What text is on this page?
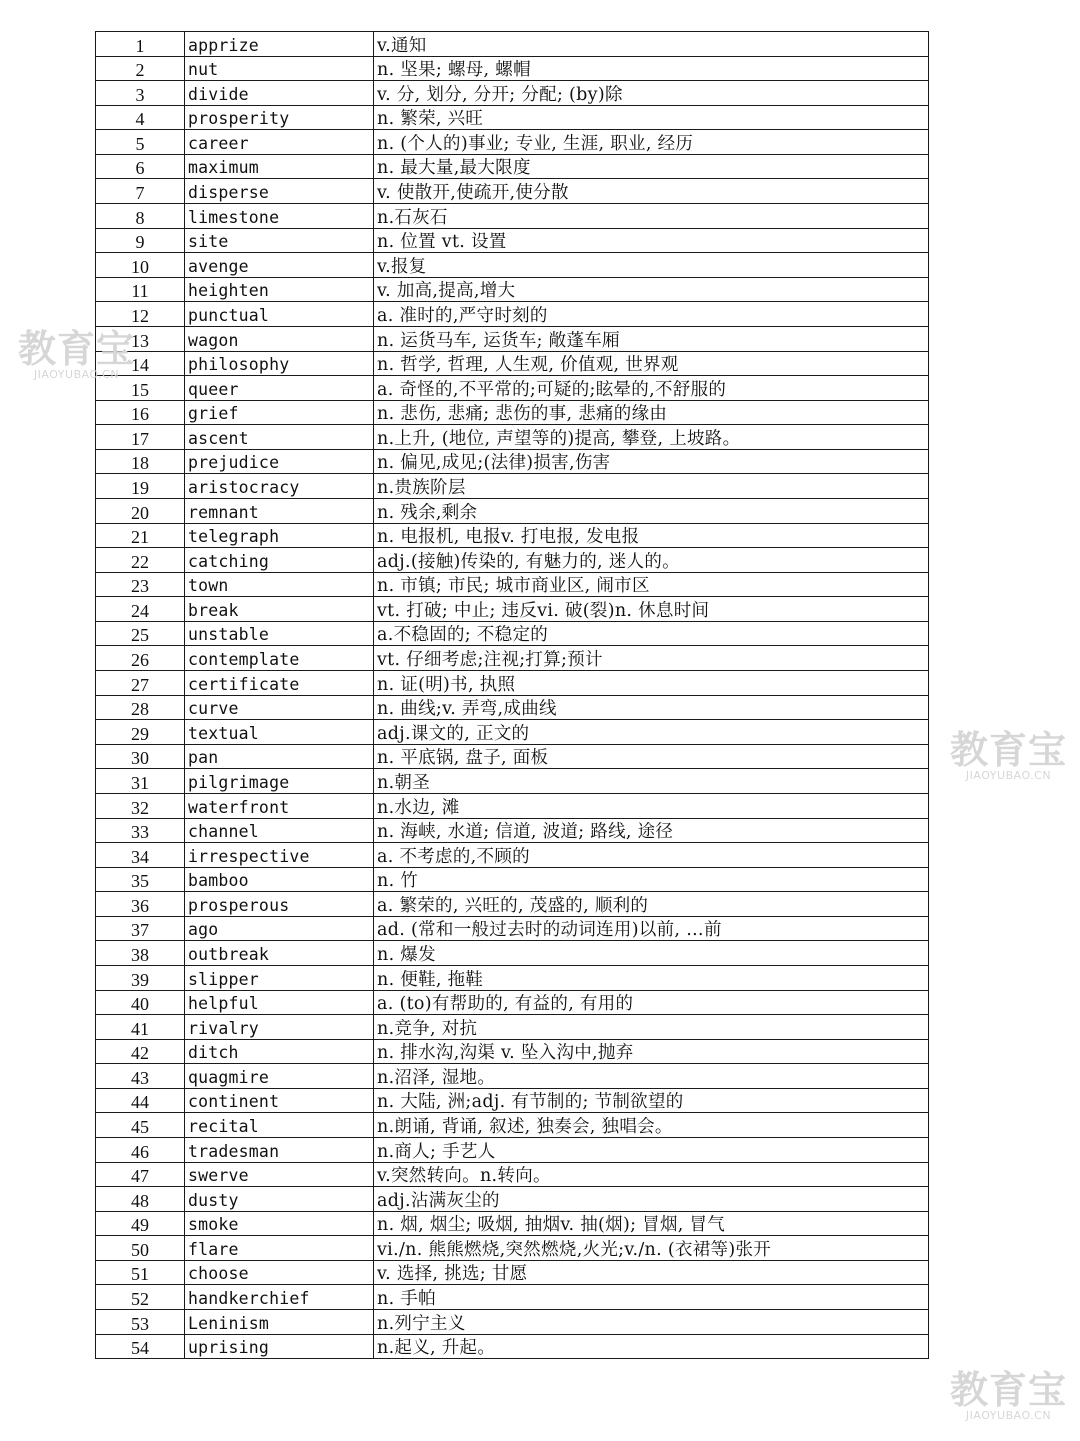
1	apprize	v.通知
2	nut	n. 坚果; 螺母, 螺帽
3	divide	v. 分, 划分, 分开; 分配; (by)除
4	prosperity	n. 繁荣, 兴旺
5	career	n. (个人的)事业; 专业, 生涯, 职业, 经历
6	maximum	n. 最大量,最大限度
7	disperse	v. 使散开,使疏开,使分散
8	limestone	n.石灰石
9	site	n. 位置 vt. 设置
10	avenge	v.报复
11	heighten	v. 加高,提高,增大
12	punctual	a. 准时的,严守时刻的
13	wagon	n. 运货马车, 运货车; 敞蓬车厢
14	philosophy	n. 哲学, 哲理, 人生观, 价值观, 世界观
15	queer	a. 奇怪的,不平常的;可疑的;眩晕的,不舒服的
16	grief	n. 悲伤, 悲痛; 悲伤的事, 悲痛的缘由
17	ascent	n.上升, (地位, 声望等的)提高, 攀登, 上坡路。
18	prejudice	n. 偏见,成见;(法律)损害,伤害
19	aristocracy	n.贵族阶层
20	remnant	n. 残余,剩余
21	telegraph	n. 电报机, 电报v. 打电报, 发电报
22	catching	adj.(接触)传染的, 有魅力的, 迷人的。
23	town	n. 市镇; 市民; 城市商业区, 闹市区
24	break	vt. 打破; 中止; 违反vi. 破(裂)n. 休息时间
25	unstable	a.不稳固的; 不稳定的
26	contemplate	vt. 仔细考虑;注视;打算;预计
27	certificate	n. 证(明)书, 执照
28	curve	n. 曲线;v. 弄弯,成曲线
29	textual	adj.课文的, 正文的
30	pan	n. 平底锅, 盘子, 面板
31	pilgrimage	n.朝圣
32	waterfront	n.水边, 滩
33	channel	n. 海峡, 水道; 信道, 波道; 路线, 途径
34	irrespective	a. 不考虑的,不顾的
35	bamboo	n. 竹
36	prosperous	a. 繁荣的, 兴旺的, 茂盛的, 顺利的
37	ago	ad. (常和一般过去时的动词连用)以前, …前
38	outbreak	n. 爆发
39	slipper	n. 便鞋, 拖鞋
40	helpful	a. (to)有帮助的, 有益的, 有用的
41	rivalry	n.竞争, 对抗
42	ditch	n. 排水沟,沟渠 v. 坠入沟中,抛弃
43	quagmire	n.沼泽, 湿地。
44	continent	n. 大陆, 洲;adj. 有节制的; 节制欲望的
45	recital	n.朗诵, 背诵, 叙述, 独奏会, 独唱会。
46	tradesman	n.商人; 手艺人
47	swerve	v.突然转向。n.转向。
48	dusty	adj.沾满灰尘的
49	smoke	n. 烟, 烟尘; 吸烟, 抽烟v. 抽(烟); 冒烟, 冒气
50	flare	vi./n. 熊熊燃烧,突然燃烧,火光;v./n. (衣裙等)张开
51	choose	v. 选择, 挑选; 甘愿
52	handkerchief	n. 手帕
53	Leninism	n.列宁主义
54	uprising	n.起义, 升起。
教育宝
JIAOYUBAO.CN
教育宝
JIAOYUBAO.CN
教育宝
JIAOYUBAO.CN
